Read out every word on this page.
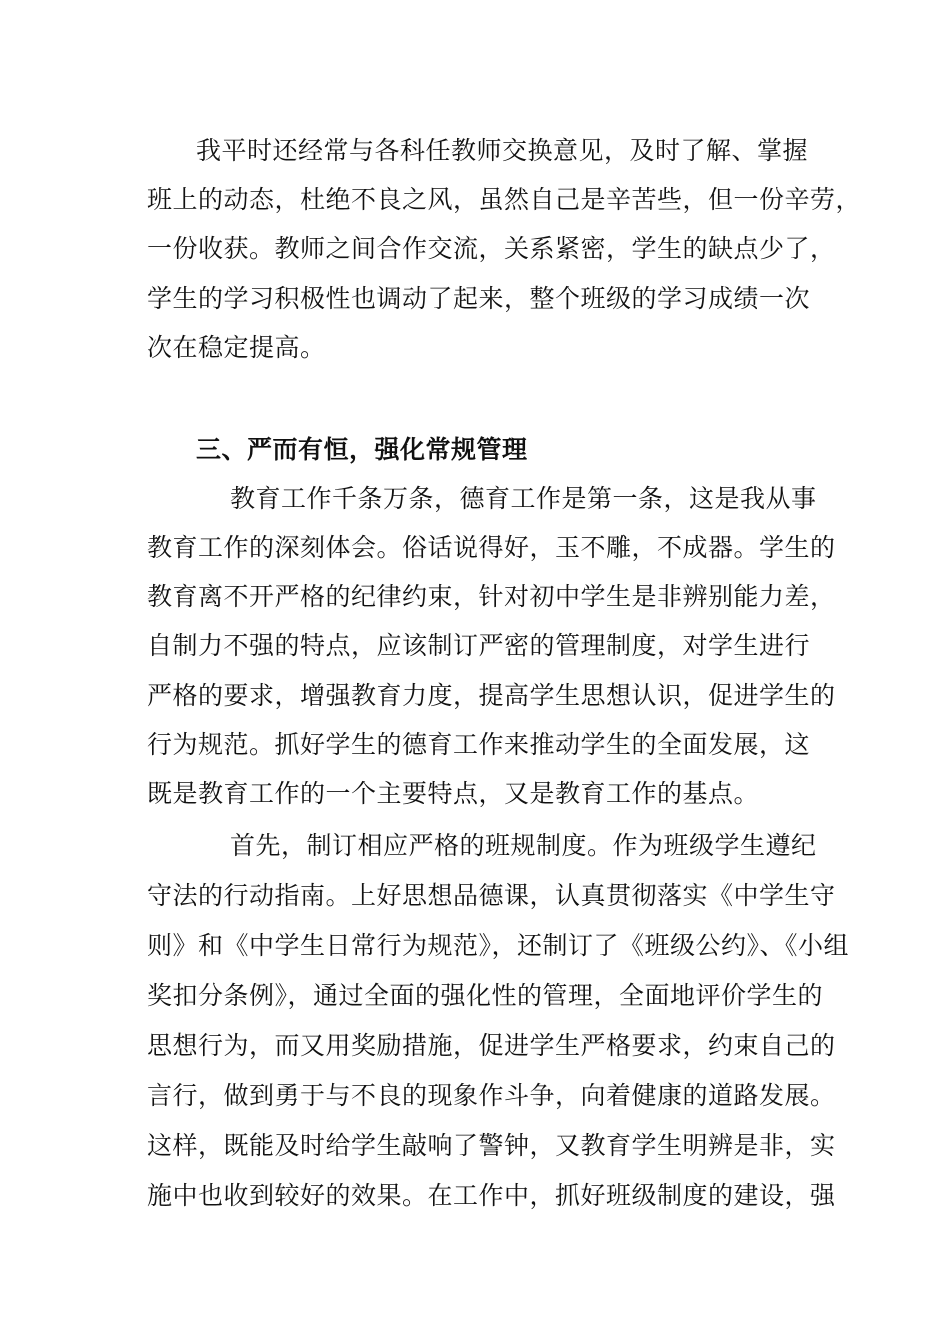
我平时还经常与各科任教师交换意见，及时了解、掌握
班上的动态，杜绝不良之风，虽然自己是辛苦些，但一份辛劳，
一份收获。教师之间合作交流，关系紧密，学生的缺点少了，
学生的学习积极性也调动了起来，整个班级的学习成绩一次
次在稳定提高。
三、严而有恒，强化常规管理
教育工作千条万条，德育工作是第一条，这是我从事
教育工作的深刻体会。俗话说得好，玉不雕，不成器。学生的
教育离不开严格的纪律约束，针对初中学生是非辨别能力差，
自制力不强的特点，应该制订严密的管理制度，对学生进行
严格的要求，增强教育力度，提高学生思想认识，促进学生的
行为规范。抓好学生的德育工作来推动学生的全面发展，这
既是教育工作的一个主要特点，又是教育工作的基点。
首先，制订相应严格的班规制度。作为班级学生遵纪
守法的行动指南。上好思想品德课，认真贯彻落实《中学生守
则》和《中学生日常行为规范》，还制订了《班级公约》、《小组
奖扣分条例》，通过全面的强化性的管理，全面地评价学生的
思想行为，而又用奖励措施，促进学生严格要求，约束自己的
言行，做到勇于与不良的现象作斗争，向着健康的道路发展。
这样，既能及时给学生敲响了警钟，又教育学生明辨是非，实
施中也收到较好的效果。在工作中，抓好班级制度的建设，强
